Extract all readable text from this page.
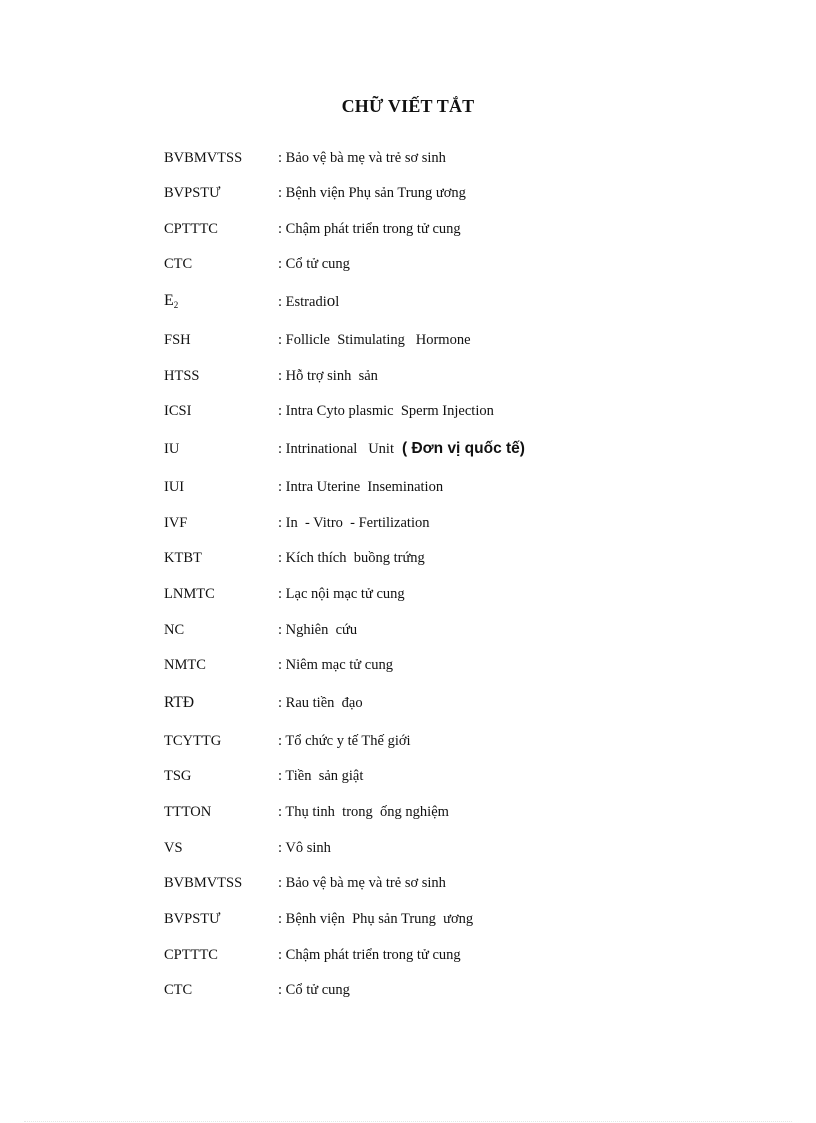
CHỮ VIẾT TẮT
BVBMVTSS : Bảo vệ bà mẹ và trẻ sơ sinh
BVPSTƯ	: Bệnh viện Phụ sản Trung ương
CPTTTC	: Chậm phát triển trong tử cung
CTC	: Cổ tử cung
$E_2$	: Estradiol
FSH	: Follicle  Stimulating   Hormone
HTSS	: Hỗ trợ sinh  sản
ICSI	: Intra Cyto plasmic  Sperm Injection
IU	: Intrinational   Unit ( Đơn vị quốc tế)
IUI	: Intra Uterine  Insemination
IVF	: In  - Vitro  - Fertilization
KTBT	: Kích thích  buồng trứng
LNMTC	: Lạc nội mạc tử cung
NC	: Nghiên  cứu
NMTC	: Niêm mạc tử cung
RTĐ	: Rau tiền  đạo
TCYTTG	: Tổ chức y tế Thế giới
TSG	: Tiền  sản giật
TTTON	: Thụ tinh  trong  ống nghiệm
VS	: Vô sinh
BVBMVTSS : Bảo vệ bà mẹ và trẻ sơ sinh
BVPSTƯ	: Bệnh viện  Phụ sản Trung  ương
CPTTTC	: Chậm phát triển trong tử cung
CTC	: Cổ tử cung
